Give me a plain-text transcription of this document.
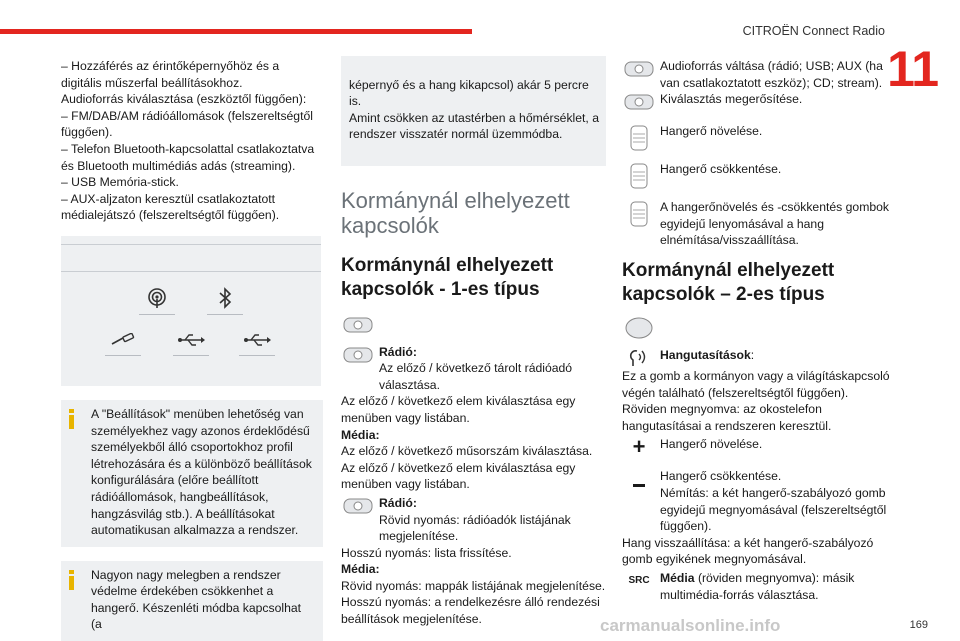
CITROËN Connect Radio
11

– Hozzáférés az érintőképernyőhöz és a digitális műszerfal beállításokhoz.

Audioforrás kiválasztása (eszköztől függően):

– FM/DAB/AM rádióállomások (felszereltségtől függően).

– Telefon Bluetooth-kapcsolattal csatlakoztatva és Bluetooth multimédiás adás (streaming).

– USB Memória-stick.

– AUX-aljzaton keresztül csatlakoztatott médialejátszó (felszereltségtől függően).

A "Beállítások" menüben lehetőség van személyekhez vagy azonos érdeklődésű személyekből álló csoportokhoz profil létrehozására és a különböző beállítások konfigurálására (előre beállított rádióállomások, hangbeállítások, hangzásvilág stb.). A beállításokat automatikusan alkalmazza a rendszer.

Nagyon nagy melegben a rendszer védelme érdekében csökkenhet a hangerő. Készenléti módba kapcsolhat (a

képernyő és a hang kikapcsol) akár 5 percre is.
Amint csökken az utastérben a hőmérséklet, a rendszer visszatér normál üzemmódba.

Kormánynál elhelyezett kapcsolók
Kormánynál elhelyezett kapcsolók - 1-es típus

Rádió:

Az előző / következő tárolt rádióadó választása.

Az előző / következő elem kiválasztása egy menüben vagy listában.

Média:

Az előző / következő műsorszám kiválasztása.

Az előző / következő elem kiválasztása egy menüben vagy listában.

Rádió:

Rövid nyomás: rádióadók listájának megjelenítése.

Hosszú nyomás: lista frissítése.

Média:

Rövid nyomás: mappák listájának megjelenítése.

Hosszú nyomás: a rendelkezésre álló rendezési beállítások megjelenítése.

Audioforrás váltása (rádió; USB; AUX (ha van csatlakoztatott eszköz); CD; stream).

Kiválasztás megerősítése.

Hangerő növelése.

Hangerő csökkentése.

A hangerőnövelés és -csökkentés gombok egyidejű lenyomásával a hang elnémítása/visszaállítása.

Kormánynál elhelyezett kapcsolók – 2-es típus

Hangutasítások:

Ez a gomb a kormányon vagy a világításkapcsoló végén található (felszereltségtől függően).

Röviden megnyomva: az okostelefon hangutasításai a rendszeren keresztül.

+ Hangerő növelése.

Hangerő csökkentése.

Némítás: a két hangerő-szabályozó gomb egyidejű megnyomásával (felszereltségtől függően).

Hang visszaállítása: a két hangerő-szabályozó gomb egyikének megnyomásával.

SRC Média (röviden megnyomva): másik multimédia-forrás választása.

carmanualsonline.info	169
